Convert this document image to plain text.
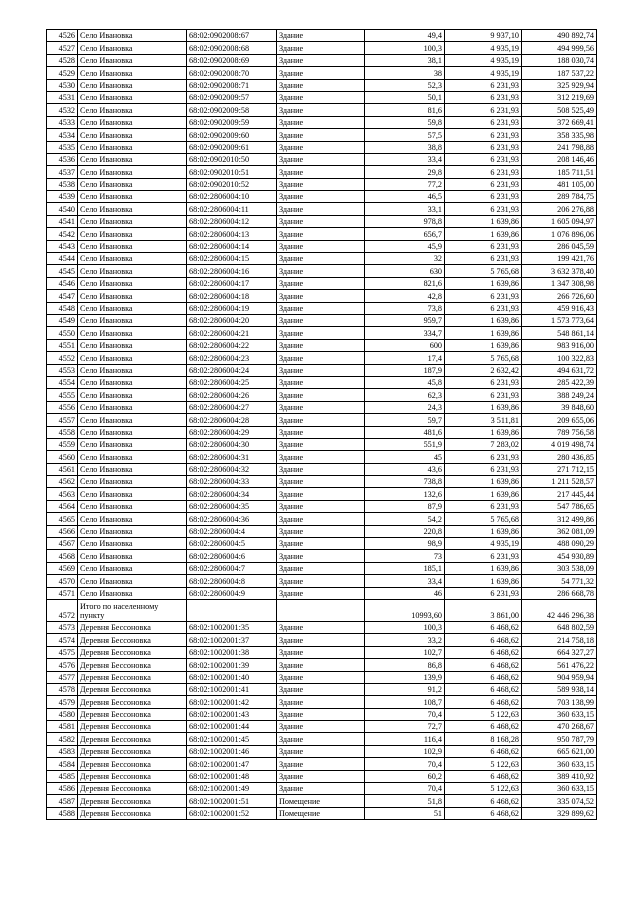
4526	Село Ивановка	68:02:0902008:67	Здание	49,4	9 937,10	490 892,74
4527	Село Ивановка	68:02:0902008:68	Здание	100,3	4 935,19	494 999,56
4528	Село Ивановка	68:02:0902008:69	Здание	38,1	4 935,19	188 030,74
4529	Село Ивановка	68:02:0902008:70	Здание	38	4 935,19	187 537,22
4530	Село Ивановка	68:02:0902008:71	Здание	52,3	6 231,93	325 929,94
4531	Село Ивановка	68:02:0902009:57	Здание	50,1	6 231,93	312 219,69
4532	Село Ивановка	68:02:0902009:58	Здание	81,6	6 231,93	508 525,49
4533	Село Ивановка	68:02:0902009:59	Здание	59,8	6 231,93	372 669,41
4534	Село Ивановка	68:02:0902009:60	Здание	57,5	6 231,93	358 335,98
4535	Село Ивановка	68:02:0902009:61	Здание	38,8	6 231,93	241 798,88
4536	Село Ивановка	68:02:0902010:50	Здание	33,4	6 231,93	208 146,46
4537	Село Ивановка	68:02:0902010:51	Здание	29,8	6 231,93	185 711,51
4538	Село Ивановка	68:02:0902010:52	Здание	77,2	6 231,93	481 105,00
4539	Село Ивановка	68:02:2806004:10	Здание	46,5	6 231,93	289 784,75
4540	Село Ивановка	68:02:2806004:11	Здание	33,1	6 231,93	206 276,88
4541	Село Ивановка	68:02:2806004:12	Здание	978,8	1 639,86	1 605 094,97
4542	Село Ивановка	68:02:2806004:13	Здание	656,7	1 639,86	1 076 896,06
4543	Село Ивановка	68:02:2806004:14	Здание	45,9	6 231,93	286 045,59
4544	Село Ивановка	68:02:2806004:15	Здание	32	6 231,93	199 421,76
4545	Село Ивановка	68:02:2806004:16	Здание	630	5 765,68	3 632 378,40
4546	Село Ивановка	68:02:2806004:17	Здание	821,6	1 639,86	1 347 308,98
4547	Село Ивановка	68:02:2806004:18	Здание	42,8	6 231,93	266 726,60
4548	Село Ивановка	68:02:2806004:19	Здание	73,8	6 231,93	459 916,43
4549	Село Ивановка	68:02:2806004:20	Здание	959,7	1 639,86	1 573 773,64
4550	Село Ивановка	68:02:2806004:21	Здание	334,7	1 639,86	548 861,14
4551	Село Ивановка	68:02:2806004:22	Здание	600	1 639,86	983 916,00
4552	Село Ивановка	68:02:2806004:23	Здание	17,4	5 765,68	100 322,83
4553	Село Ивановка	68:02:2806004:24	Здание	187,9	2 632,42	494 631,72
4554	Село Ивановка	68:02:2806004:25	Здание	45,8	6 231,93	285 422,39
4555	Село Ивановка	68:02:2806004:26	Здание	62,3	6 231,93	388 249,24
4556	Село Ивановка	68:02:2806004:27	Здание	24,3	1 639,86	39 848,60
4557	Село Ивановка	68:02:2806004:28	Здание	59,7	3 511,81	209 655,06
4558	Село Ивановка	68:02:2806004:29	Здание	481,6	1 639,86	789 756,58
4559	Село Ивановка	68:02:2806004:30	Здание	551,9	7 283,02	4 019 498,74
4560	Село Ивановка	68:02:2806004:31	Здание	45	6 231,93	280 436,85
4561	Село Ивановка	68:02:2806004:32	Здание	43,6	6 231,93	271 712,15
4562	Село Ивановка	68:02:2806004:33	Здание	738,8	1 639,86	1 211 528,57
4563	Село Ивановка	68:02:2806004:34	Здание	132,6	1 639,86	217 445,44
4564	Село Ивановка	68:02:2806004:35	Здание	87,9	6 231,93	547 786,65
4565	Село Ивановка	68:02:2806004:36	Здание	54,2	5 765,68	312 499,86
4566	Село Ивановка	68:02:2806004:4	Здание	220,8	1 639,86	362 081,09
4567	Село Ивановка	68:02:2806004:5	Здание	98,9	4 935,19	488 090,29
4568	Село Ивановка	68:02:2806004:6	Здание	73	6 231,93	454 930,89
4569	Село Ивановка	68:02:2806004:7	Здание	185,1	1 639,86	303 538,09
4570	Село Ивановка	68:02:2806004:8	Здание	33,4	1 639,86	54 771,32
4571	Село Ивановка	68:02:2806004:9	Здание	46	6 231,93	286 668,78
4572	Итого по населенному пункту			10993,60	3 861,00	42 446 296,38
4573	Деревня Бессоновка	68:02:1002001:35	Здание	100,3	6 468,62	648 802,59
4574	Деревня Бессоновка	68:02:1002001:37	Здание	33,2	6 468,62	214 758,18
4575	Деревня Бессоновка	68:02:1002001:38	Здание	102,7	6 468,62	664 327,27
4576	Деревня Бессоновка	68:02:1002001:39	Здание	86,8	6 468,62	561 476,22
4577	Деревня Бессоновка	68:02:1002001:40	Здание	139,9	6 468,62	904 959,94
4578	Деревня Бессоновка	68:02:1002001:41	Здание	91,2	6 468,62	589 938,14
4579	Деревня Бессоновка	68:02:1002001:42	Здание	108,7	6 468,62	703 138,99
4580	Деревня Бессоновка	68:02:1002001:43	Здание	70,4	5 122,63	360 633,15
4581	Деревня Бессоновка	68:02:1002001:44	Здание	72,7	6 468,62	470 268,67
4582	Деревня Бессоновка	68:02:1002001:45	Здание	116,4	8 168,28	950 787,79
4583	Деревня Бессоновка	68:02:1002001:46	Здание	102,9	6 468,62	665 621,00
4584	Деревня Бессоновка	68:02:1002001:47	Здание	70,4	5 122,63	360 633,15
4585	Деревня Бессоновка	68:02:1002001:48	Здание	60,2	6 468,62	389 410,92
4586	Деревня Бессоновка	68:02:1002001:49	Здание	70,4	5 122,63	360 633,15
4587	Деревня Бессоновка	68:02:1002001:51	Помещение	51,8	6 468,62	335 074,52
4588	Деревня Бессоновка	68:02:1002001:52	Помещение	51	6 468,62	329 899,62
